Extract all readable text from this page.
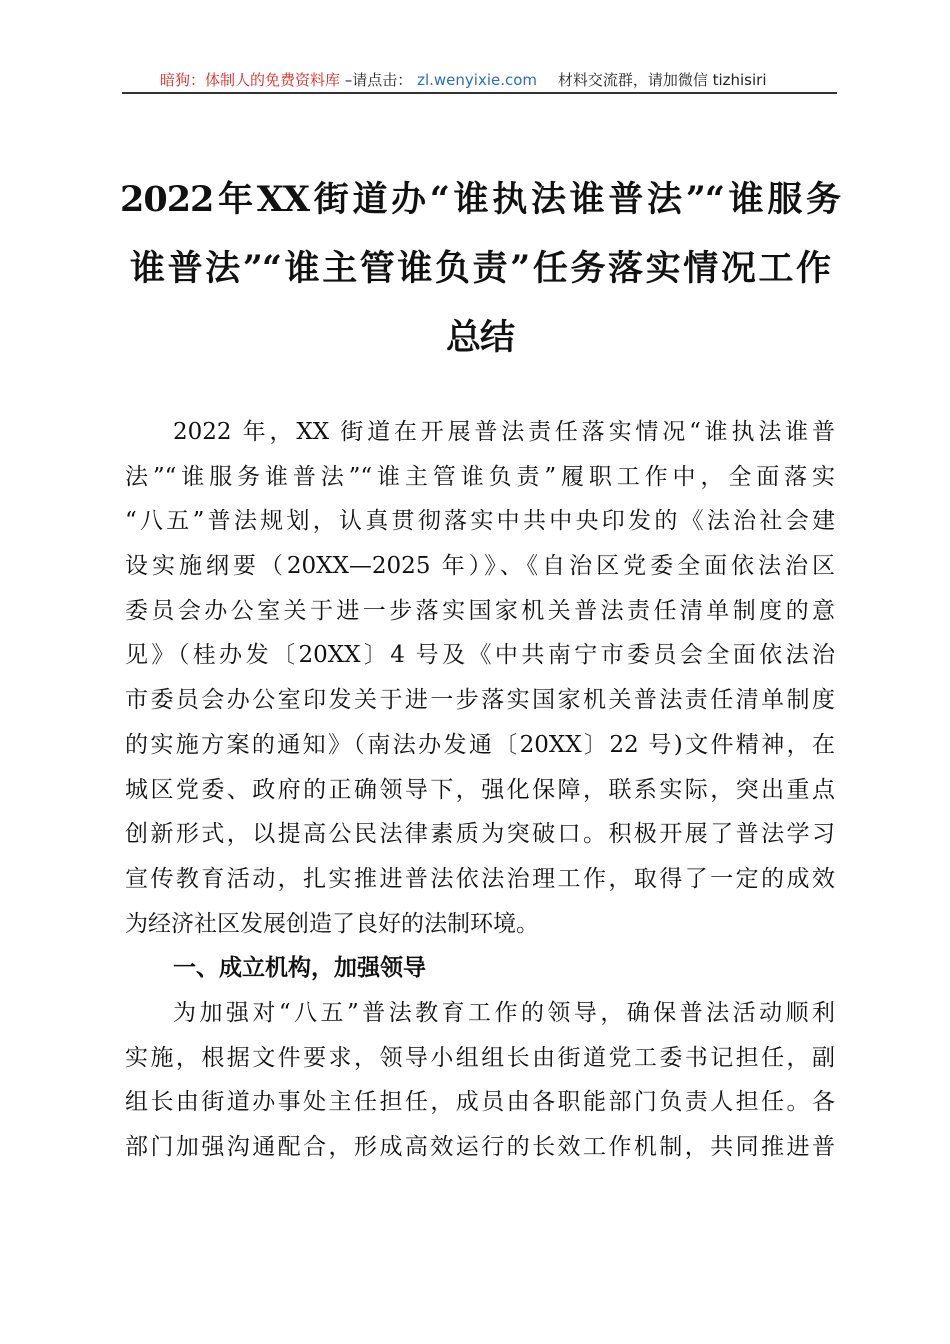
暗狗：体制人的免费资料库 –请点击： zl.wenyixie.com 材料交流群，请加微信 tizhisiri
2022年XX街道办“谁执法谁普法”“谁服务
谁普法”“谁主管谁负责”任务落实情况工作
总结
2022 年，XX 街道在开展普法责任落实情况“谁执法谁普
法”“谁服务谁普法”“谁主管谁负责”履职工作中，全面落实
“八五”普法规划，认真贯彻落实中共中央印发的《法治社会建
设实施纲要（20XX—2025 年）》、《自治区党委全面依法治区
委员会办公室关于进一步落实国家机关普法责任清单制度的意
见》（桂办发〔20XX〕4 号及《中共南宁市委员会全面依法治
市委员会办公室印发关于进一步落实国家机关普法责任清单制度
的实施方案的通知》（南法办发通〔20XX〕22 号)文件精神，在
城区党委、政府的正确领导下，强化保障，联系实际，突出重点
创新形式，以提高公民法律素质为突破口。积极开展了普法学习
宣传教育活动，扎实推进普法依法治理工作，取得了一定的成效
为经济社区发展创造了良好的法制环境。
一、成立机构，加强领导
为加强对“八五”普法教育工作的领导，确保普法活动顺利
实施，根据文件要求，领导小组组长由街道党工委书记担任，副
组长由街道办事处主任担任，成员由各职能部门负责人担任。各
部门加强沟通配合，形成高效运行的长效工作机制，共同推进普
